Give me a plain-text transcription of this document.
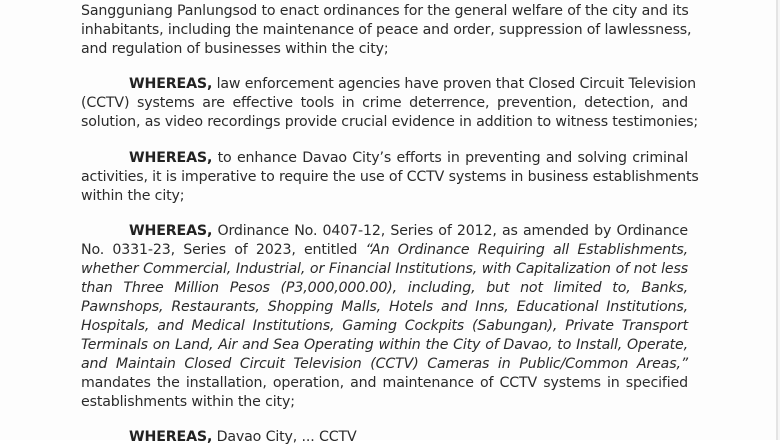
Sangguniang Panlungsod to enact ordinances for the general welfare of the city and its
inhabitants, including the maintenance of peace and order, suppression of lawlessness,
and regulation of businesses within the city;
WHEREAS, law enforcement agencies have proven that Closed Circuit Television
(CCTV) systems are effective tools in crime deterrence, prevention, detection, and
solution, as video recordings provide crucial evidence in addition to witness testimonies;
WHEREAS, to enhance Davao City’s efforts in preventing and solving criminal
activities, it is imperative to require the use of CCTV systems in business establishments
within the city;
WHEREAS, Ordinance No. 0407-12, Series of 2012, as amended by Ordinance
No. 0331-23, Series of 2023, entitled “An Ordinance Requiring all Establishments,
whether Commercial, Industrial, or Financial Institutions, with Capitalization of not less
than Three Million Pesos (P3,000,000.00), including, but not limited to, Banks,
Pawnshops, Restaurants, Shopping Malls, Hotels and Inns, Educational Institutions,
Hospitals, and Medical Institutions, Gaming Cockpits (Sabungan), Private Transport
Terminals on Land, Air and Sea Operating within the City of Davao, to Install, Operate,
and Maintain Closed Circuit Television (CCTV) Cameras in Public/Common Areas,”
mandates the installation, operation, and maintenance of CCTV systems in specified
establishments within the city;
WHEREAS, Davao City, ... CCTV
